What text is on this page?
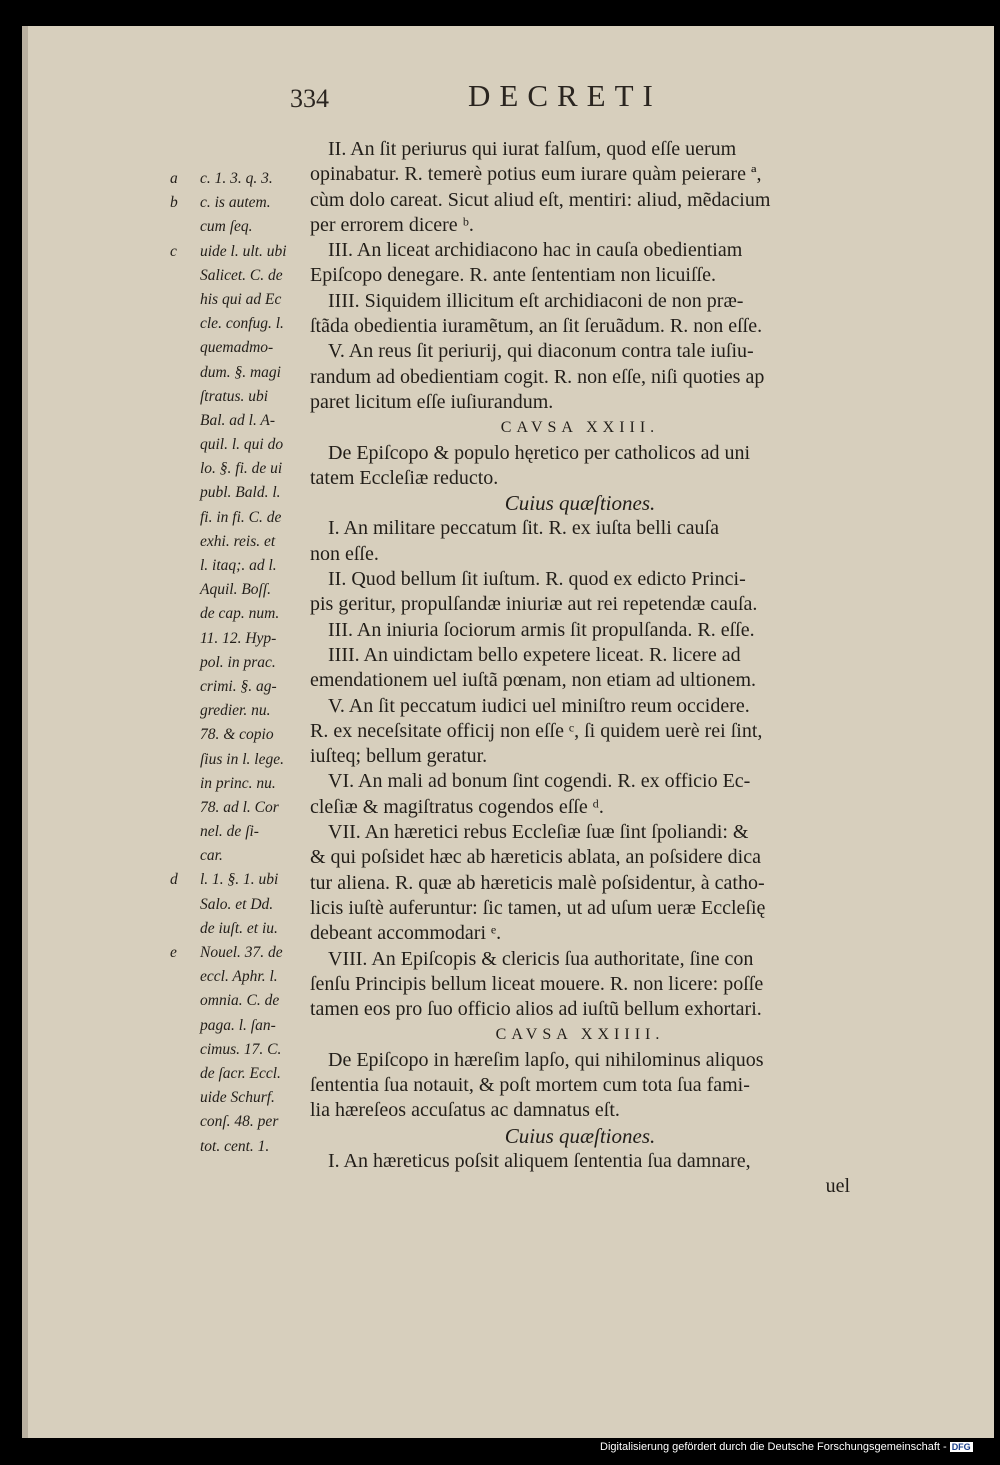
334	DECRETI
II. An ſit periurus qui iurat falſum, quod eſſe uerum
opinabatur. R. temerè potius eum iurare quàm peierare ª,
cùm dolo careat. Sicut aliud eſt, mentiri: aliud, mẽdacium
per errorem dicere ᵇ.
III. An liceat archidiacono hac in cauſa obedientiam
Epiſcopo denegare. R. ante ſententiam non licuiſſe.
IIII. Siquidem illicitum eſt archidiaconi de non præ-
ſtãda obedientia iuramẽtum, an ſit ſeruãdum. R. non eſſe.
V. An reus ſit periurij, qui diaconum contra tale iuſiu-
randum ad obedientiam cogit. R. non eſſe, niſi quoties ap
paret licitum eſſe iuſiurandum.
CAVSA XXIII.
De Epiſcopo & populo hęretico per catholicos ad uni
tatem Eccleſiæ reducto.
Cuius quæſtiones.
I. An militare peccatum ſit. R. ex iuſta belli cauſa
non eſſe.
II. Quod bellum ſit iuſtum. R. quod ex edicto Princi-
pis geritur, propulſandæ iniuriæ aut rei repetendæ cauſa.
III. An iniuria ſociorum armis ſit propulſanda. R. eſſe.
IIII. An uindictam bello expetere liceat. R. licere ad
emendationem uel iuſtã pœnam, non etiam ad ultionem.
V. An ſit peccatum iudici uel miniſtro reum occidere.
R. ex neceſsitate officij non eſſe ᶜ, ſi quidem uerè rei ſint,
iuſteq; bellum geratur.
VI. An mali ad bonum ſint cogendi. R. ex officio Ec-
cleſiæ & magiſtratus cogendos eſſe ᵈ.
VII. An hæretici rebus Eccleſiæ ſuæ ſint ſpoliandi: &
& qui poſsidet hæc ab hæreticis ablata, an poſsidere dica
tur aliena. R. quæ ab hæreticis malè poſsidentur, à catho-
licis iuſtè auferuntur: ſic tamen, ut ad uſum ueræ Eccleſię
debeant accommodari ᵉ.
VIII. An Epiſcopis & clericis ſua authoritate, ſine con
ſenſu Principis bellum liceat mouere. R. non licere: poſſe
tamen eos pro ſuo officio alios ad iuſtũ bellum exhortari.
CAVSA XXIIII.
De Epiſcopo in hæreſim lapſo, qui nihilominus aliquos
ſententia ſua notauit, & poſt mortem cum tota ſua fami-
lia hæreſeos accuſatus ac damnatus eſt.
Cuius quæſtiones.
I. An hæreticus poſsit aliquem ſententia ſua damnare,
uel
a c. 1. 3. q. 3.
b c. is autem.
cum ſeq.
c uide l. ult. ubi
Salicet. C. de
his qui ad Ec
cle. confug. l.
quemadmo-
dum. §. magi
ſtratus. ubi
Bal. ad l. A-
quil. l. qui do
lo. §. fi. de ui
publ. Bald. l.
fi. in fi. C. de
exhi. reis. et
l. itaq;. ad l.
Aquil. Boſſ.
de cap. num.
11. 12. Hyp-
pol. in prac.
crimi. §. ag-
gredier. nu.
78. & copio
ſius in l. lege.
in princ. nu.
78. ad l. Cor
nel. de ſi-
car.
d l. 1. §. 1. ubi
Salo. et Dd.
de iuſt. et iu.
e Nouel. 37. de
eccl. Aphr. l.
omnia. C. de
paga. l. ſan-
cimus. 17. C.
de ſacr. Eccl.
uide Schurf.
conſ. 48. per
tot. cent. 1.
Digitalisierung gefördert durch die Deutsche Forschungsgemeinschaft - DFG
